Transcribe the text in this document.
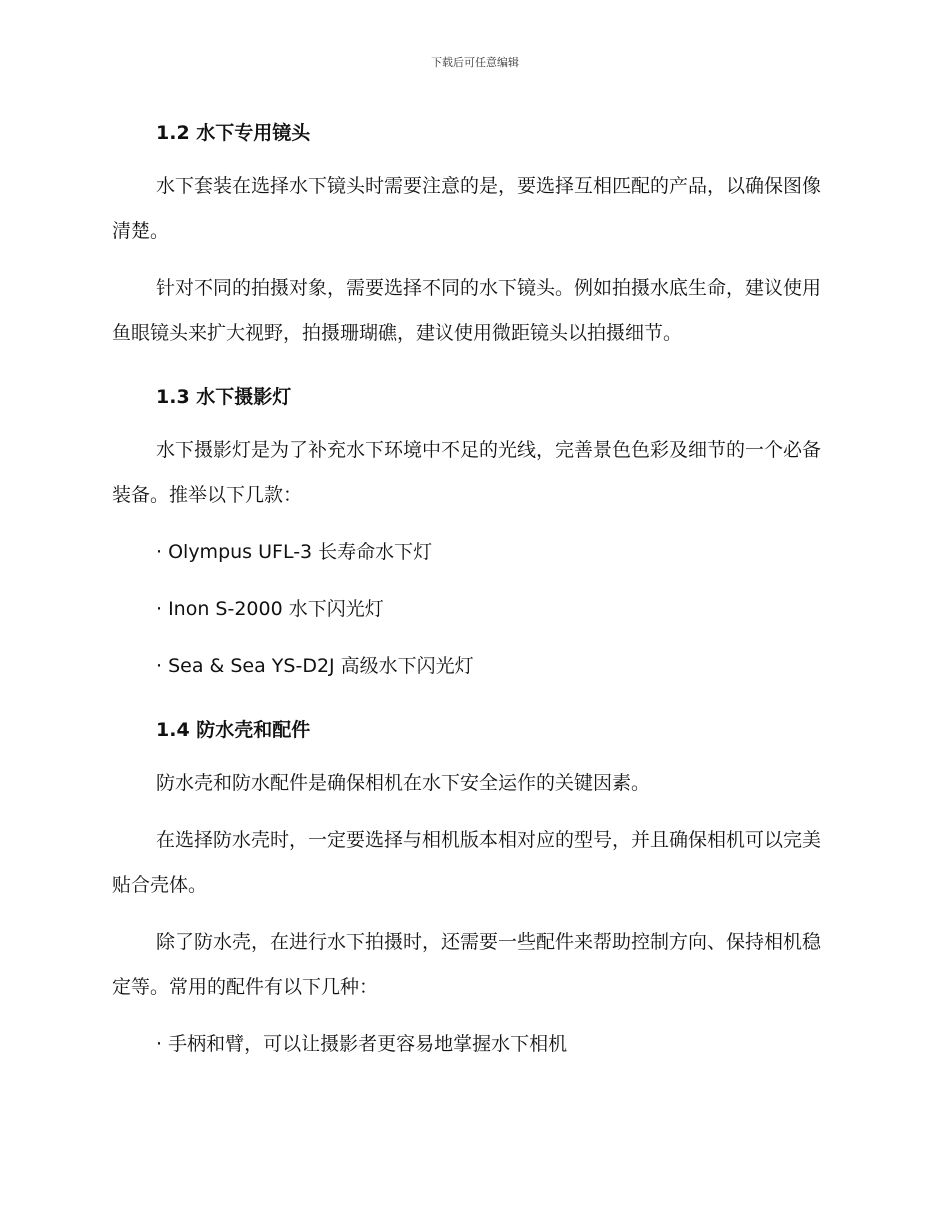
下载后可任意编辑
1.2 水下专用镜头

水下套装在选择水下镜头时需要注意的是，要选择互相匹配的产品，以确保图像清楚。

针对不同的拍摄对象，需要选择不同的水下镜头。例如拍摄水底生命，建议使用鱼眼镜头来扩大视野，拍摄珊瑚礁，建议使用微距镜头以拍摄细节。

1.3 水下摄影灯

水下摄影灯是为了补充水下环境中不足的光线，完善景色色彩及细节的一个必备装备。推举以下几款：

· Olympus UFL-3 长寿命水下灯

· Inon S-2000 水下闪光灯

· Sea & Sea YS-D2J 高级水下闪光灯

1.4 防水壳和配件

防水壳和防水配件是确保相机在水下安全运作的关键因素。

在选择防水壳时，一定要选择与相机版本相对应的型号，并且确保相机可以完美贴合壳体。

除了防水壳，在进行水下拍摄时，还需要一些配件来帮助控制方向、保持相机稳定等。常用的配件有以下几种：

· 手柄和臂，可以让摄影者更容易地掌握水下相机
